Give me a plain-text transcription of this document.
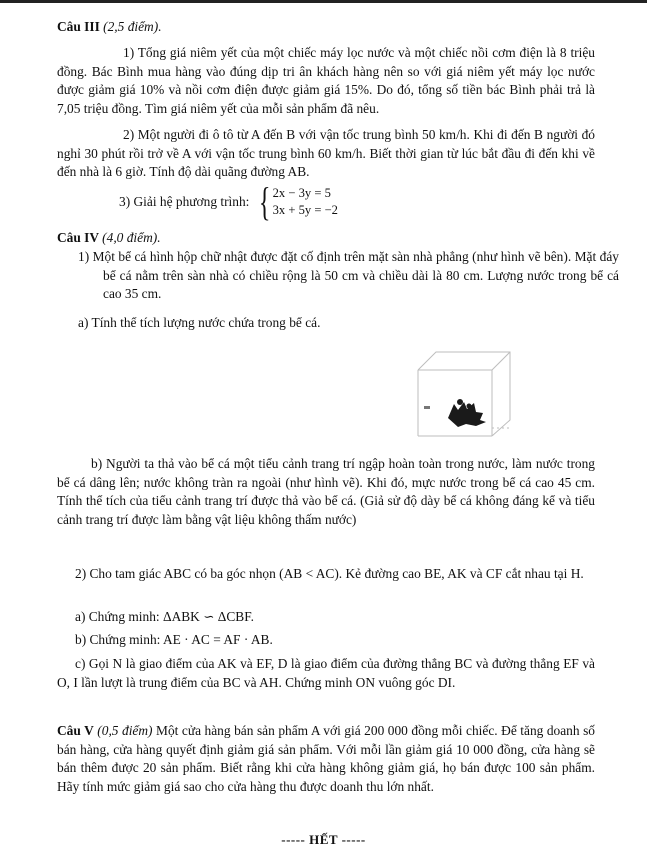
Câu III (2,5 điểm).
1) Tổng giá niêm yết của một chiếc máy lọc nước và một chiếc nồi cơm điện là 8 triệu đồng. Bác Bình mua hàng vào đúng dịp tri ân khách hàng nên so với giá niêm yết máy lọc nước được giảm giá 10% và nồi cơm điện được giảm giá 15%. Do đó, tổng số tiền bác Bình phải trả là 7,05 triệu đồng. Tìm giá niêm yết của mỗi sản phẩm đã nêu.
2) Một người đi ô tô từ A đến B với vận tốc trung bình 50 km/h. Khi đi đến B người đó nghỉ 30 phút rồi trở về A với vận tốc trung bình 60 km/h. Biết thời gian từ lúc bắt đầu đi đến khi về đến nhà là 6 giờ. Tính độ dài quãng đường AB.
3) Giải hệ phương trình: { 2x − 3y = 5
3x + 5y = −2
Câu IV (4,0 điểm).
1) Một bể cá hình hộp chữ nhật được đặt cố định trên mặt sàn nhà phẳng (như hình vẽ bên). Mặt đáy bể cá nằm trên sàn nhà có chiều rộng là 50 cm và chiều dài là 80 cm. Lượng nước trong bể cá cao 35 cm.
a) Tính thể tích lượng nước chứa trong bể cá.
b) Người ta thả vào bể cá một tiểu cảnh trang trí ngập hoàn toàn trong nước, làm nước trong bể cá dâng lên; nước không tràn ra ngoài (như hình vẽ). Khi đó, mực nước trong bể cá cao 45 cm. Tính thể tích của tiểu cảnh trang trí được thả vào bể cá. (Giả sử độ dày bể cá không đáng kể và tiểu cảnh trang trí được làm bằng vật liệu không thấm nước)
2) Cho tam giác ABC có ba góc nhọn (AB < AC). Kẻ đường cao BE, AK và CF cắt nhau tại H.
a) Chứng minh: ΔABK ∽ ΔCBF.
b) Chứng minh: AE · AC = AF · AB.
c) Gọi N là giao điểm của AK và EF, D là giao điểm của đường thẳng BC và đường thẳng EF và O, I lần lượt là trung điểm của BC và AH. Chứng minh ON vuông góc DI.
Câu V (0,5 điểm) Một cửa hàng bán sản phẩm A với giá 200 000 đồng mỗi chiếc. Để tăng doanh số bán hàng, cửa hàng quyết định giảm giá sản phẩm. Với mỗi lần giảm giá 10 000 đồng, cửa hàng sẽ bán thêm được 20 sản phẩm. Biết rằng khi cửa hàng không giảm giá, họ bán được 100 sản phẩm. Hãy tính mức giảm giá sao cho cửa hàng thu được doanh thu lớn nhất.
----- HẾT -----
